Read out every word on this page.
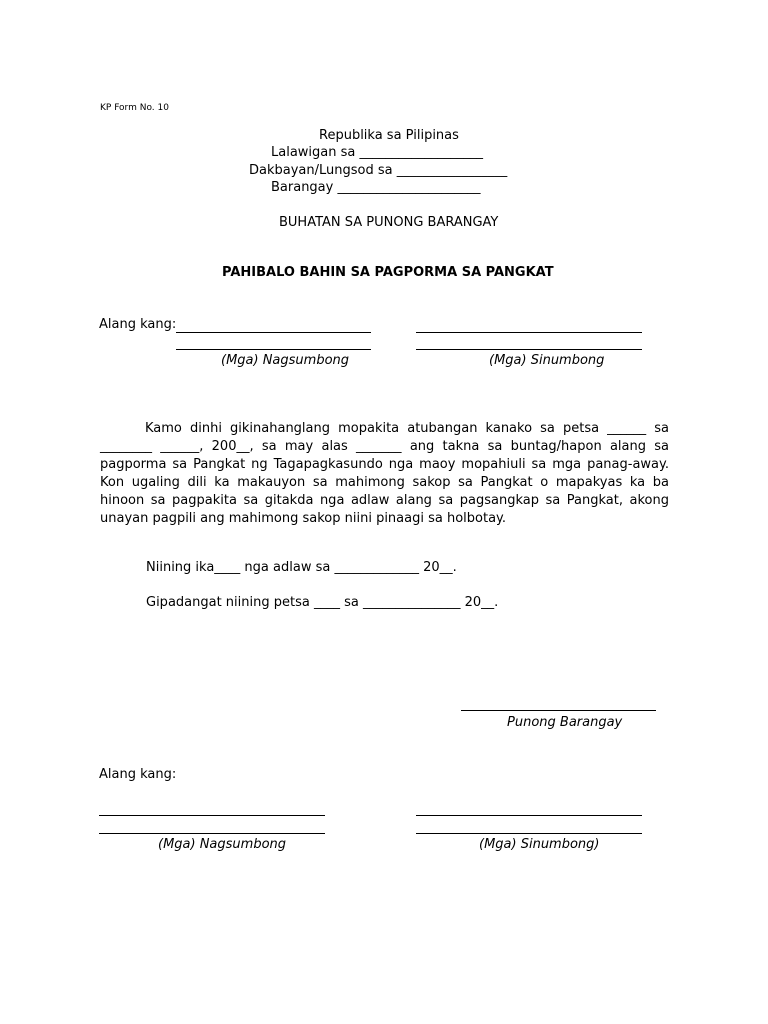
KP Form No. 10
Republika sa Pilipinas
Lalawigan sa ___________________
Dakbayan/Lungsod sa _________________
Barangay ______________________
BUHATAN SA PUNONG BARANGAY
PAHIBALO BAHIN SA PAGPORMA SA PANGKAT
Alang kang:
(Mga) Nagsumbong	(Mga) Sinumbong
Kamo dinhi gikinahanglang mopakita atubangan kanako sa petsa ______ sa ________ ______, 200__, sa may alas _______ ang takna sa buntag/hapon alang sa pagporma sa Pangkat ng Tagapagkasundo nga maoy mopahiuli sa mga panag-away. Kon ugaling dili ka makauyon sa mahimong sakop sa Pangkat o mapakyas ka ba hinoon sa pagpakita sa gitakda nga adlaw alang sa pagsangkap sa Pangkat, akong unayan pagpili ang mahimong sakop niini pinaagi sa holbotay.
Niining ika____ nga adlaw sa _____________ 20__.
Gipadangat niining petsa ____ sa _______________ 20__.
Punong Barangay
Alang kang:
(Mga) Nagsumbong	(Mga) Sinumbong)
